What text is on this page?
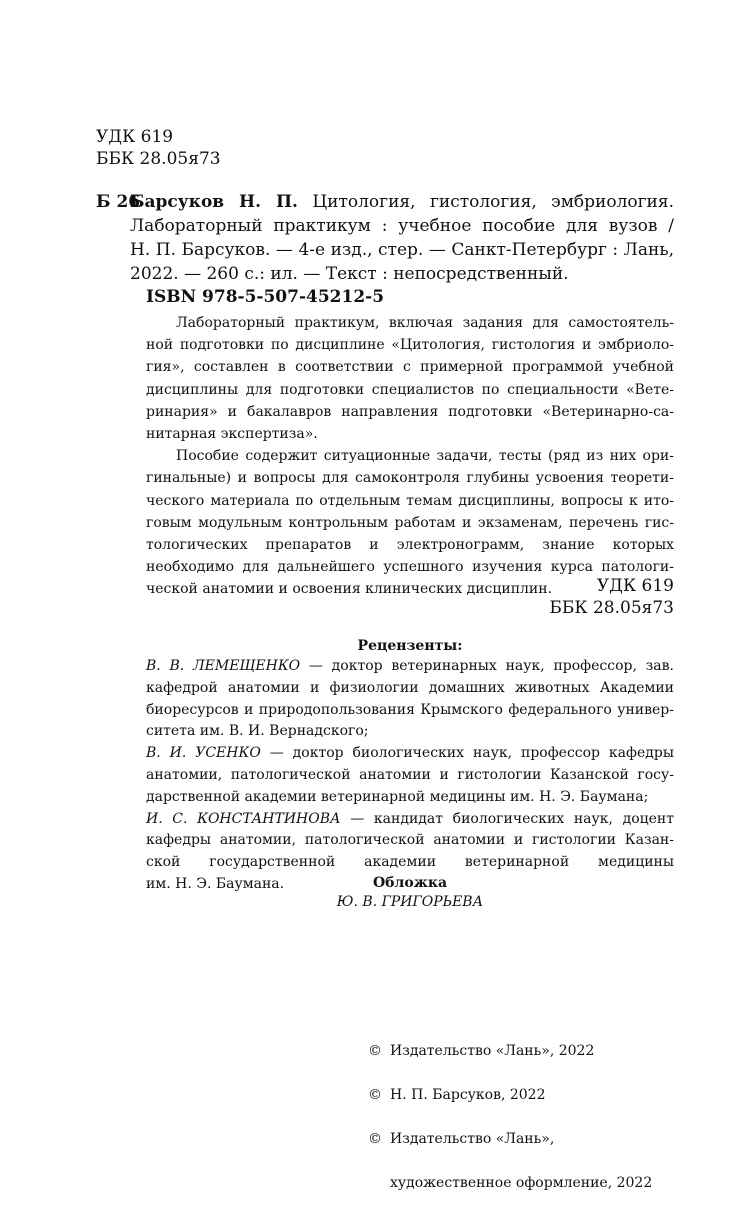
УДК 619
ББК 28.05я73
Б 26
Барсуков Н. П. Цитология, гистология, эмбриология.
Лабораторный практикум : учебное пособие для вузов /
Н. П. Барсуков. — 4-е изд., стер. — Санкт-Петербург : Лань,
2022. — 260 с.: ил. — Текст : непосредственный.
ISBN 978-5-507-45212-5
Лабораторный практикум, включая задания для самостоятель-
ной подготовки по дисциплине «Цитология, гистология и эмбриоло-
гия», составлен в соответствии с примерной программой учебной
дисциплины для подготовки специалистов по специальности «Вете-
ринария» и бакалавров направления подготовки «Ветеринарно-са-
нитарная экспертиза».
Пособие содержит ситуационные задачи, тесты (ряд из них ори-
гинальные) и вопросы для самоконтроля глубины усвоения теорети-
ческого материала по отдельным темам дисциплины, вопросы к ито-
говым модульным контрольным работам и экзаменам, перечень гис-
тологических препаратов и электронограмм, знание которых
необходимо для дальнейшего успешного изучения курса патологи-
ческой анатомии и освоения клинических дисциплин.	УДК 619
ББК 28.05я73
Рецензенты:
В. В. ЛЕМЕЩЕНКО — доктор ветеринарных наук, профессор, зав.
кафедрой анатомии и физиологии домашних животных Академии
биоресурсов и природопользования Крымского федерального универ-
ситета им. В. И. Вернадского;
В. И. УСЕНКО — доктор биологических наук, профессор кафедры
анатомии, патологической анатомии и гистологии Казанской госу-
дарственной академии ветеринарной медицины им. Н. Э. Баумана;
И. С. КОНСТАНТИНОВА — кандидат биологических наук, доцент
кафедры анатомии, патологической анатомии и гистологии Казан-
ской государственной академии ветеринарной медицины
им. Н. Э. Баумана.	Обложка
Ю. В. ГРИГОРЬЕВА

© Издательство «Лань», 2022

© Н. П. Барсуков, 2022

© Издательство «Лань»,

художественное оформление, 2022
